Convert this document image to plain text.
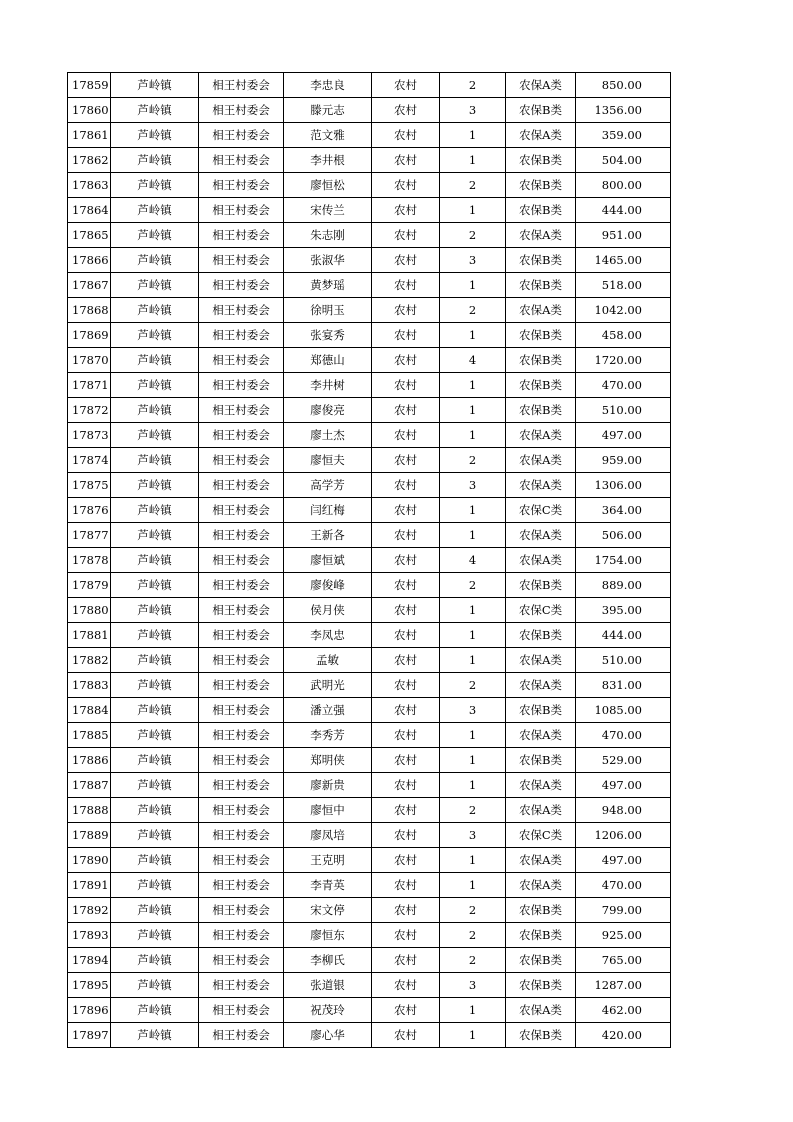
17859	芦岭镇	相王村委会	李忠良	农村	2	农保A类	850.00
17860	芦岭镇	相王村委会	滕元志	农村	3	农保B类	1356.00
17861	芦岭镇	相王村委会	范文雅	农村	1	农保A类	359.00
17862	芦岭镇	相王村委会	李井根	农村	1	农保B类	504.00
17863	芦岭镇	相王村委会	廖恒松	农村	2	农保B类	800.00
17864	芦岭镇	相王村委会	宋传兰	农村	1	农保B类	444.00
17865	芦岭镇	相王村委会	朱志刚	农村	2	农保A类	951.00
17866	芦岭镇	相王村委会	张淑华	农村	3	农保B类	1465.00
17867	芦岭镇	相王村委会	黄梦瑶	农村	1	农保B类	518.00
17868	芦岭镇	相王村委会	徐明玉	农村	2	农保A类	1042.00
17869	芦岭镇	相王村委会	张宴秀	农村	1	农保B类	458.00
17870	芦岭镇	相王村委会	郑德山	农村	4	农保B类	1720.00
17871	芦岭镇	相王村委会	李井树	农村	1	农保B类	470.00
17872	芦岭镇	相王村委会	廖俊亮	农村	1	农保B类	510.00
17873	芦岭镇	相王村委会	廖土杰	农村	1	农保A类	497.00
17874	芦岭镇	相王村委会	廖恒夫	农村	2	农保A类	959.00
17875	芦岭镇	相王村委会	高学芳	农村	3	农保A类	1306.00
17876	芦岭镇	相王村委会	闫红梅	农村	1	农保C类	364.00
17877	芦岭镇	相王村委会	王新各	农村	1	农保A类	506.00
17878	芦岭镇	相王村委会	廖恒斌	农村	4	农保A类	1754.00
17879	芦岭镇	相王村委会	廖俊峰	农村	2	农保B类	889.00
17880	芦岭镇	相王村委会	侯月侠	农村	1	农保C类	395.00
17881	芦岭镇	相王村委会	李凤忠	农村	1	农保B类	444.00
17882	芦岭镇	相王村委会	孟敏	农村	1	农保A类	510.00
17883	芦岭镇	相王村委会	武明光	农村	2	农保A类	831.00
17884	芦岭镇	相王村委会	潘立强	农村	3	农保B类	1085.00
17885	芦岭镇	相王村委会	李秀芳	农村	1	农保A类	470.00
17886	芦岭镇	相王村委会	郑明侠	农村	1	农保B类	529.00
17887	芦岭镇	相王村委会	廖新贵	农村	1	农保A类	497.00
17888	芦岭镇	相王村委会	廖恒中	农村	2	农保A类	948.00
17889	芦岭镇	相王村委会	廖凤培	农村	3	农保C类	1206.00
17890	芦岭镇	相王村委会	王克明	农村	1	农保A类	497.00
17891	芦岭镇	相王村委会	李青英	农村	1	农保A类	470.00
17892	芦岭镇	相王村委会	宋文停	农村	2	农保B类	799.00
17893	芦岭镇	相王村委会	廖恒东	农村	2	农保B类	925.00
17894	芦岭镇	相王村委会	李柳氏	农村	2	农保B类	765.00
17895	芦岭镇	相王村委会	张道银	农村	3	农保B类	1287.00
17896	芦岭镇	相王村委会	祝茂玲	农村	1	农保A类	462.00
17897	芦岭镇	相王村委会	廖心华	农村	1	农保B类	420.00
